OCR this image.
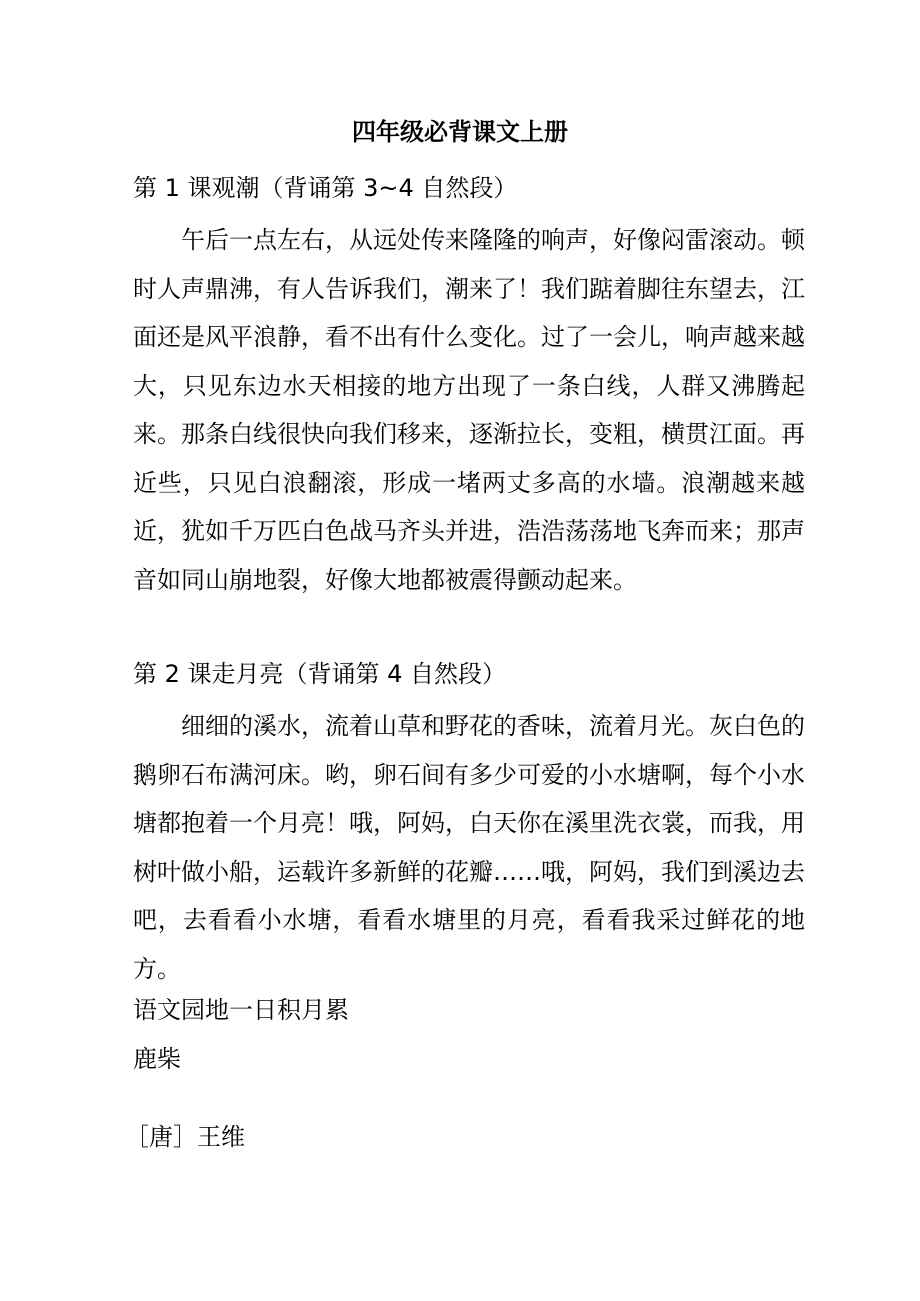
四年级必背课文上册
第 1 课观潮（背诵第 3~4 自然段）
午后一点左右，从远处传来隆隆的响声，好像闷雷滚动。顿时人声鼎沸，有人告诉我们，潮来了！我们踮着脚往东望去，江面还是风平浪静，看不出有什么变化。过了一会儿，响声越来越大，只见东边水天相接的地方出现了一条白线，人群又沸腾起来。 那条白线很快向我们移来，逐渐拉长，变粗，横贯江面。再近些，只见白浪翻滚，形成一堵两丈多高的水墙。浪潮越来越近，犹如千万匹白色战马齐头并进，浩浩荡荡地飞奔而来；那声音如同山崩地裂，好像大地都被震得颤动起来。
第 2 课走月亮（背诵第 4 自然段）
细细的溪水，流着山草和野花的香味，流着月光。灰白色的鹅卵石布满河床。哟，卵石间有多少可爱的小水塘啊，每个小水塘都抱着一个月亮！哦，阿妈，白天你在溪里洗衣裳，而我，用树叶做小船，运载许多新鲜的花瓣……哦，阿妈，我们到溪边去吧，去看看小水塘，看看水塘里的月亮，看看我采过鲜花的地方。
语文园地一日积月累
鹿柴
［唐］王维
